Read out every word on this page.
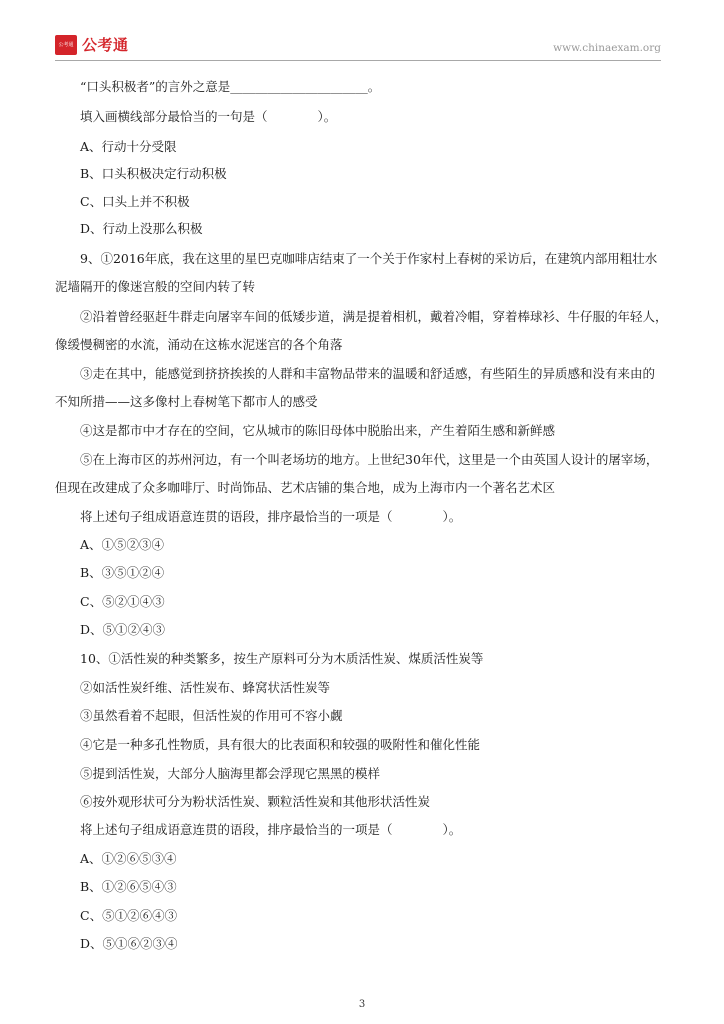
公考通 公考通	www.chinaexam.org
“口头积极者”的言外之意是______________________。
填入画横线部分最恰当的一句是（　　　　）。
A、行动十分受限
B、口头积极决定行动积极
C、口头上并不积极
D、行动上没那么积极
9、①2016年底，我在这里的星巴克咖啡店结束了一个关于作家村上春树的采访后，在建筑内部用粗壮水
泥墙隔开的像迷宫般的空间内转了转
②沿着曾经驱赶牛群走向屠宰车间的低矮步道，满是提着相机，戴着冷帽，穿着棒球衫、牛仔服的年轻人，
像缓慢稠密的水流，涌动在这栋水泥迷宫的各个角落
③走在其中，能感觉到挤挤挨挨的人群和丰富物品带来的温暖和舒适感，有些陌生的异质感和没有来由的
不知所措——这多像村上春树笔下都市人的感受
④这是都市中才存在的空间，它从城市的陈旧母体中脱胎出来，产生着陌生感和新鲜感
⑤在上海市区的苏州河边，有一个叫老场坊的地方。上世纪30年代，这里是一个由英国人设计的屠宰场，
但现在改建成了众多咖啡厅、时尚饰品、艺术店铺的集合地，成为上海市内一个著名艺术区
将上述句子组成语意连贯的语段，排序最恰当的一项是（　　　　）。
A、①⑤②③④
B、③⑤①②④
C、⑤②①④③
D、⑤①②④③
10、①活性炭的种类繁多，按生产原料可分为木质活性炭、煤质活性炭等
②如活性炭纤维、活性炭布、蜂窝状活性炭等
③虽然看着不起眼，但活性炭的作用可不容小觑
④它是一种多孔性物质，具有很大的比表面积和较强的吸附性和催化性能
⑤提到活性炭，大部分人脑海里都会浮现它黑黑的模样
⑥按外观形状可分为粉状活性炭、颗粒活性炭和其他形状活性炭
将上述句子组成语意连贯的语段，排序最恰当的一项是（　　　　）。
A、①②⑥⑤③④
B、①②⑥⑤④③
C、⑤①②⑥④③
D、⑤①⑥②③④
3
